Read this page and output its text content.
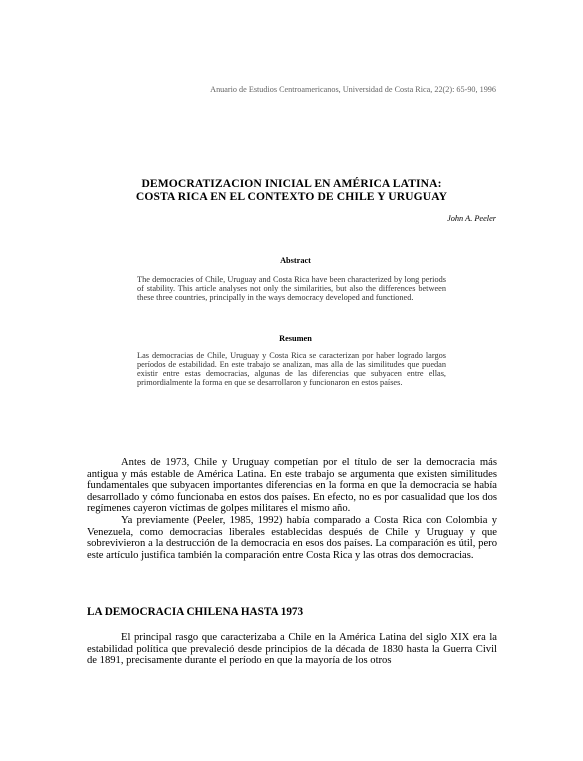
Anuario de Estudios Centroamericanos, Universidad de Costa Rica, 22(2): 65-90, 1996
DEMOCRATIZACION INICIAL EN AMÉRICA LATINA:
COSTA RICA EN EL CONTEXTO DE CHILE Y URUGUAY
John A. Peeler
Abstract
The democracies of Chile, Uruguay and Costa Rica have been characterized by long periods of stability. This article analyses not only the similarities, but also the differences between these three countries, principally in the ways democracy developed and functioned.
Resumen
Las democracias de Chile, Uruguay y Costa Rica se caracterizan por haber logrado largos períodos de estabilidad. En este trabajo se analizan, mas alla de las similitudes que puedan existir entre estas democracias, algunas de las diferencias que subyacen entre ellas, primordialmente la forma en que se desarrollaron y funcionaron en estos países.

Antes de 1973, Chile y Uruguay competían por el título de ser la democracia más antigua y más estable de América Latina. En este trabajo se argumenta que existen similitudes fundamentales que subyacen importantes diferencias en la forma en que la democracia se había desarrollado y cómo funcionaba en estos dos países. En efecto, no es por casualidad que los dos regímenes cayeron víctimas de golpes militares el mismo año.

Ya previamente (Peeler, 1985, 1992) había comparado a Costa Rica con Colombia y Venezuela, como democracias liberales establecidas después de Chile y Uruguay y que sobrevivieron a la destrucción de la democracia en esos dos países. La comparación es útil, pero este artículo justifica también la comparación entre Costa Rica y las otras dos democracias.

LA DEMOCRACIA CHILENA HASTA 1973

El principal rasgo que caracterizaba a Chile en la América Latina del siglo XIX era la estabilidad política que prevaleció desde principios de la década de 1830 hasta la Guerra Civil de 1891, precisamente durante el período en que la mayoría de los otros
